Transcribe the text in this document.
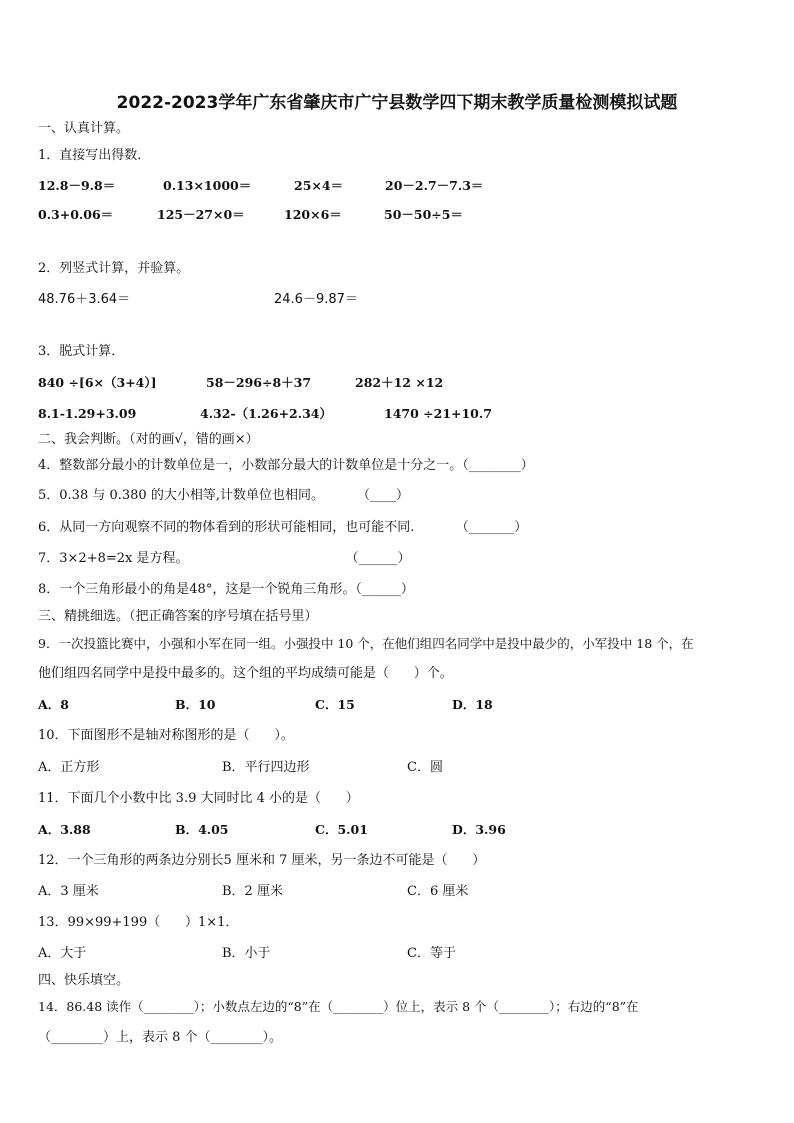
2022-2023学年广东省肇庆市广宁县数学四下期末教学质量检测模拟试题
一、认真计算。
1．直接写出得数．
12.8－9.8＝	0.13×1000＝	25×4＝	20－2.7－7.3＝
0.3+0.06＝	125－27×0＝	120×6＝	50－50÷5＝
2．列竖式计算，并验算。
48.76＋3.64＝	24.6－9.87＝
3．脱式计算．
840 ÷[6×（3+4）]	58－296÷8＋37	282＋12 ×12
8.1-1.29+3.09	4.32-（1.26+2.34）	1470 ÷21+10.7
二、我会判断。（对的画√，错的画×）
4．整数部分最小的计数单位是一，小数部分最大的计数单位是十分之一。（________）
5．0.38 与 0.380 的大小相等,计数单位也相同。        （____）
6．从同一方向观察不同的物体看到的形状可能相同，也可能不同.          （_______）
7．3×2+8=2x 是方程。                                      （______）
8．一个三角形最小的角是48°，这是一个锐角三角形。（______）
三、精挑细选。（把正确答案的序号填在括号里）
9．一次投篮比赛中，小强和小军在同一组。小强投中 10 个，在他们组四名同学中是投中最少的，小军投中 18 个，在
他们组四名同学中是投中最多的。这个组的平均成绩可能是（      ）个。
A．8	B．10	C．15	D．18
10．下面图形不是轴对称图形的是（      ）。
A．正方形	B．平行四边形	C．圆
11．下面几个小数中比 3.9 大同时比 4 小的是（      ）
A．3.88	B．4.05	C．5.01	D．3.96
12．一个三角形的两条边分别长5 厘米和 7 厘米，另一条边不可能是（      ）
A．3 厘米	B．2 厘米	C．6 厘米
13．99×99+199（      ）1×1．
A．大于	B．小于	C．等于
四、快乐填空。
14．86.48 读作（________）；小数点左边的“8”在（________）位上，表示 8 个（________）；右边的“8”在
（________）上，表示 8 个（________）。
